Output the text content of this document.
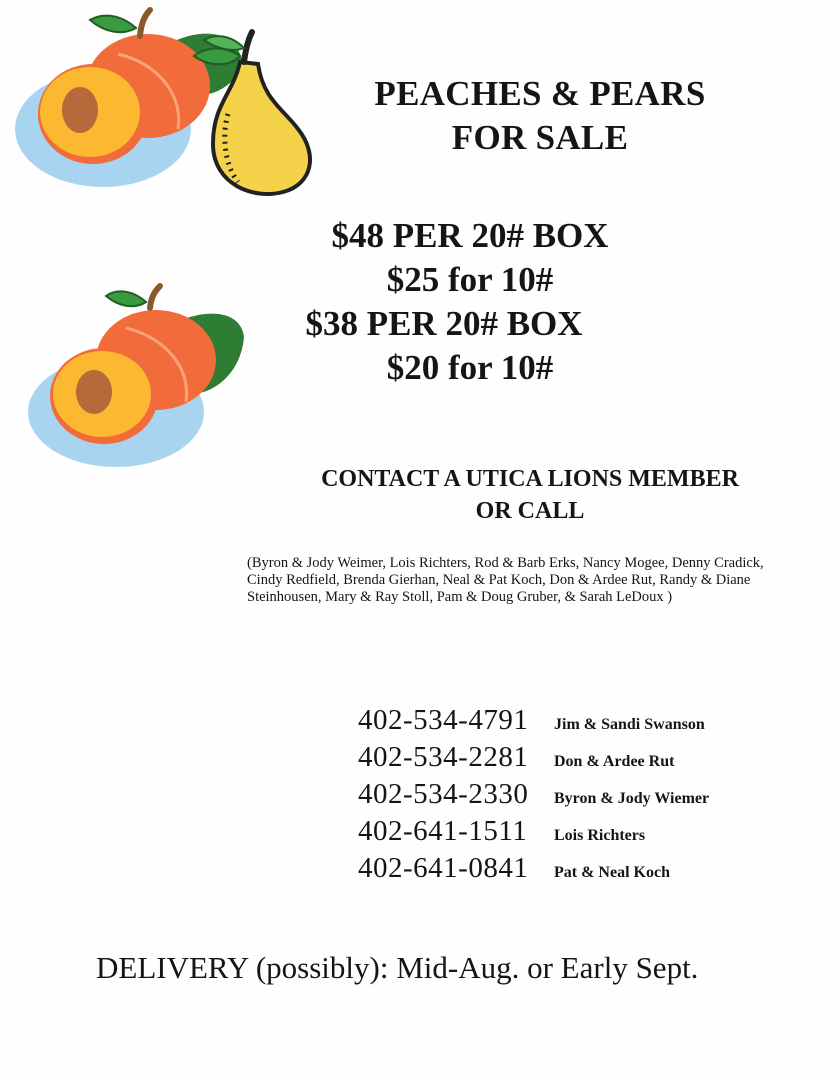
PEACHES & PEARS
FOR SALE
$48 PER 20# BOX
$25 for 10#
$38 PER 20# BOX
$20 for 10#
CONTACT A UTICA LIONS MEMBER
OR CALL
(Byron & Jody Weimer, Lois Richters, Rod & Barb Erks, Nancy Mogee, Denny Cradick, Cindy Redfield, Brenda Gierhan, Neal & Pat Koch, Don & Ardee Rut, Randy & Diane Steinhousen, Mary & Ray Stoll, Pam & Doug Gruber, & Sarah LeDoux )
402-534-4791	Jim & Sandi Swanson
402-534-2281	Don & Ardee Rut
402-534-2330	Byron & Jody Wiemer
402-641-1511	Lois Richters
402-641-0841	Pat & Neal Koch
DELIVERY (possibly): Mid-Aug. or Early Sept.
